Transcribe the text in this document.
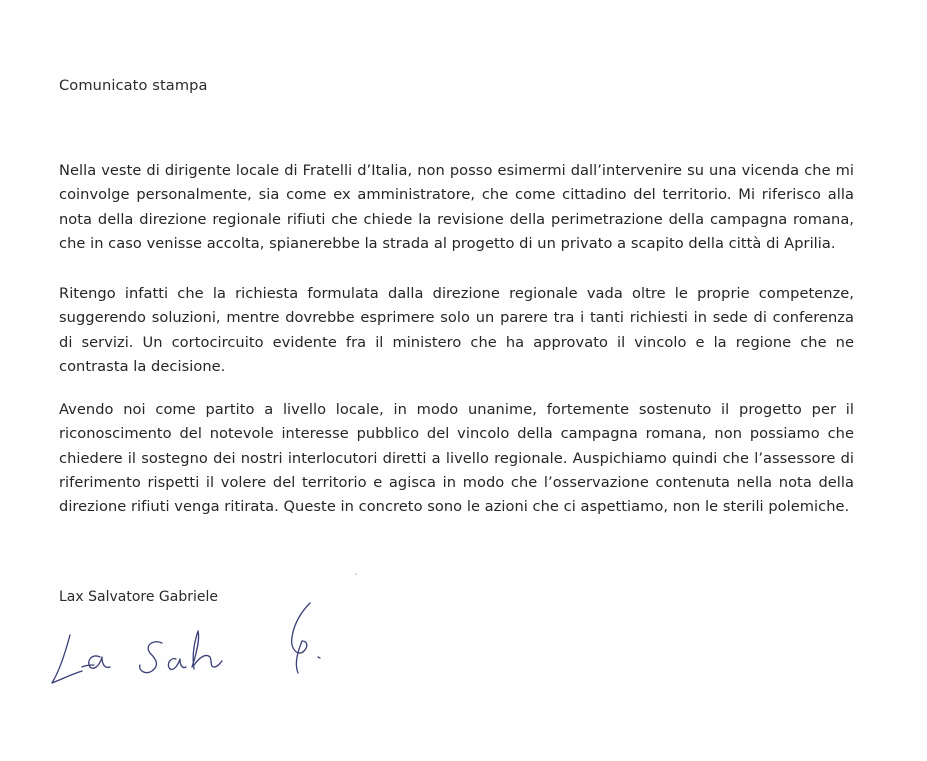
Comunicato stampa

Nella veste di dirigente locale di Fratelli d’Italia, non posso esimermi dall’intervenire su una vicenda che mi coinvolge personalmente, sia come ex amministratore, che come cittadino del territorio. Mi riferisco alla nota della direzione regionale rifiuti che chiede la revisione della perimetrazione della campagna romana, che in caso venisse accolta, spianerebbe la strada al progetto di un privato a scapito della città di Aprilia.

Ritengo infatti che la richiesta formulata dalla direzione regionale vada oltre le proprie competenze, suggerendo soluzioni, mentre dovrebbe esprimere solo un parere tra i tanti richiesti in sede di conferenza di servizi. Un cortocircuito evidente fra il ministero che ha approvato il vincolo e la regione che ne contrasta la decisione.

Avendo noi come partito a livello locale, in modo unanime, fortemente sostenuto il progetto per il riconoscimento del notevole interesse pubblico del vincolo della campagna romana, non possiamo che chiedere il sostegno dei nostri interlocutori diretti a livello regionale. Auspichiamo quindi che l’assessore di riferimento rispetti il volere del territorio e agisca in modo che l’osservazione contenuta nella nota della direzione rifiuti venga ritirata. Queste in concreto sono le azioni che ci aspettiamo, non le sterili polemiche.

Lax Salvatore Gabriele
